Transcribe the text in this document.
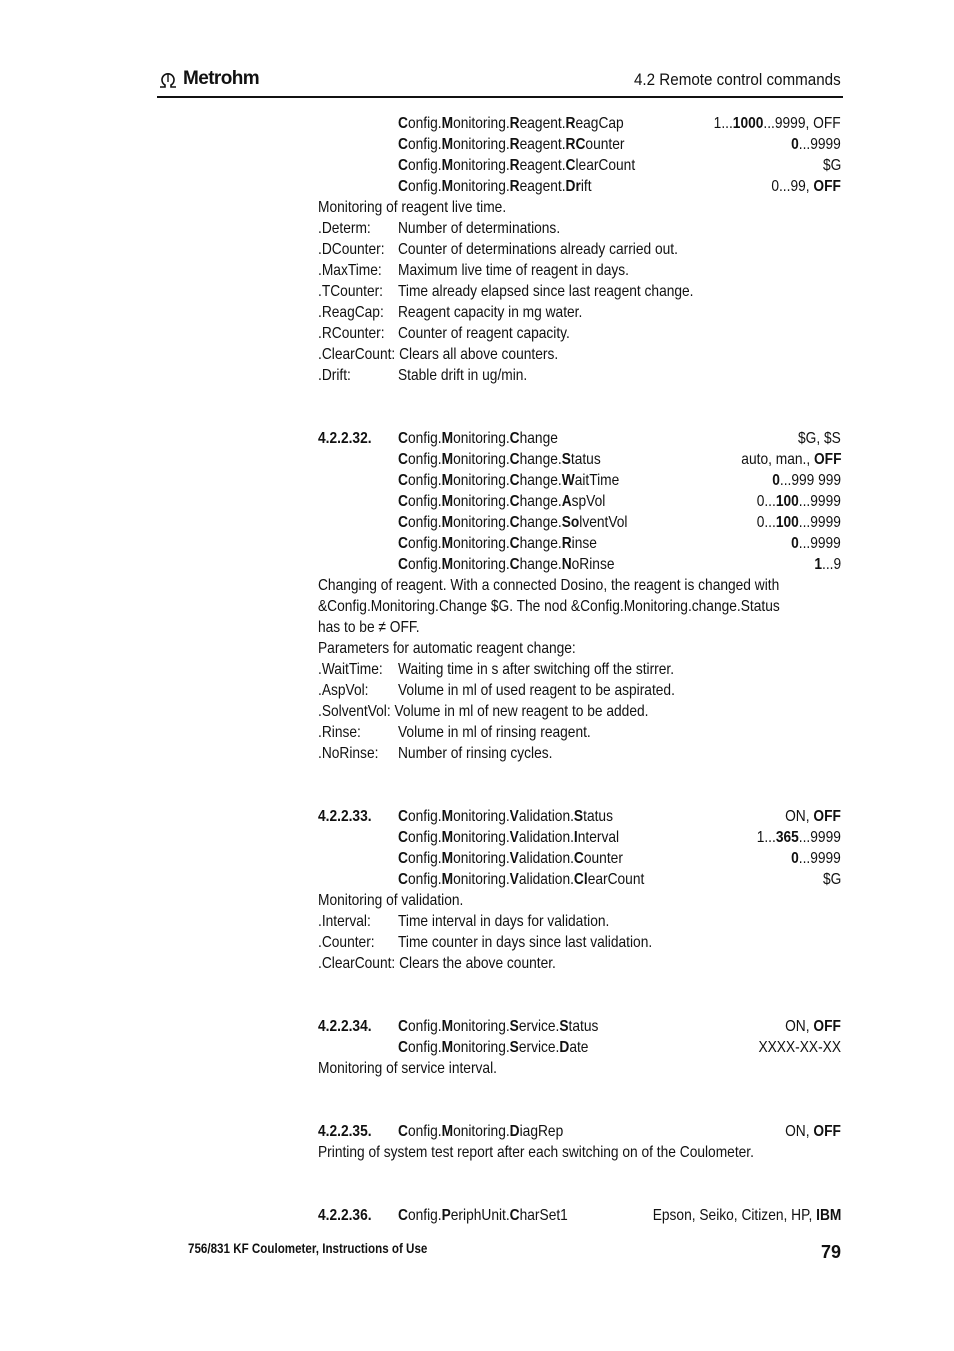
Metrohm	4.2 Remote control commands
Config.Monitoring.Reagent.ReagCap	1...1000...9999, OFF
Config.Monitoring.Reagent.RCounter	0...9999
Config.Monitoring.Reagent.ClearCount	$G
Config.Monitoring.Reagent.Drift	0...99, OFF
Monitoring of reagent live time.
.Determ:	Number of determinations.
.DCounter: Counter of determinations already carried out.
.MaxTime:	Maximum live time of reagent in days.
.TCounter: Time already elapsed since last reagent change.
.ReagCap: Reagent capacity in mg water.
.RCounter: Counter of reagent capacity.
.ClearCount: Clears all above counters.
.Drift:	Stable drift in ug/min.
4.2.2.32.	Config.Monitoring.Change	$G, $S
Config.Monitoring.Change.Status	auto, man., OFF
Config.Monitoring.Change.WaitTime	0...999 999
Config.Monitoring.Change.AspVol	0...100...9999
Config.Monitoring.Change.SolventVol	0...100...9999
Config.Monitoring.Change.Rinse	0...9999
Config.Monitoring.Change.NoRinse	1...9
Changing of reagent. With a connected Dosino, the reagent is changed with
&Config.Monitoring.Change $G. The nod &Config.Monitoring.change.Status
has to be ≠ OFF.
Parameters for automatic reagent change:
.WaitTime: Waiting time in s after switching off the stirrer.
.AspVol:	Volume in ml of used reagent to be aspirated.
.SolventVol: Volume in ml of new reagent to be added.
.Rinse:	Volume in ml of rinsing reagent.
.NoRinse:	Number of rinsing cycles.
4.2.2.33.	Config.Monitoring.Validation.Status	ON, OFF
Config.Monitoring.Validation.Interval	1...365...9999
Config.Monitoring.Validation.Counter	0...9999
Config.Monitoring.Validation.ClearCount	$G
Monitoring of validation.
.Interval:	Time interval in days for validation.
.Counter:	Time counter in days since last validation.
.ClearCount: Clears the above counter.
4.2.2.34.	Config.Monitoring.Service.Status	ON, OFF
Config.Monitoring.Service.Date	XXXX-XX-XX
Monitoring of service interval.
4.2.2.35.	Config.Monitoring.DiagRep	ON, OFF
Printing of system test report after each switching on of the Coulometer.
4.2.2.36.	Config.PeriphUnit.CharSet1	Epson, Seiko, Citizen, HP, IBM
756/831 KF Coulometer, Instructions of Use	79
